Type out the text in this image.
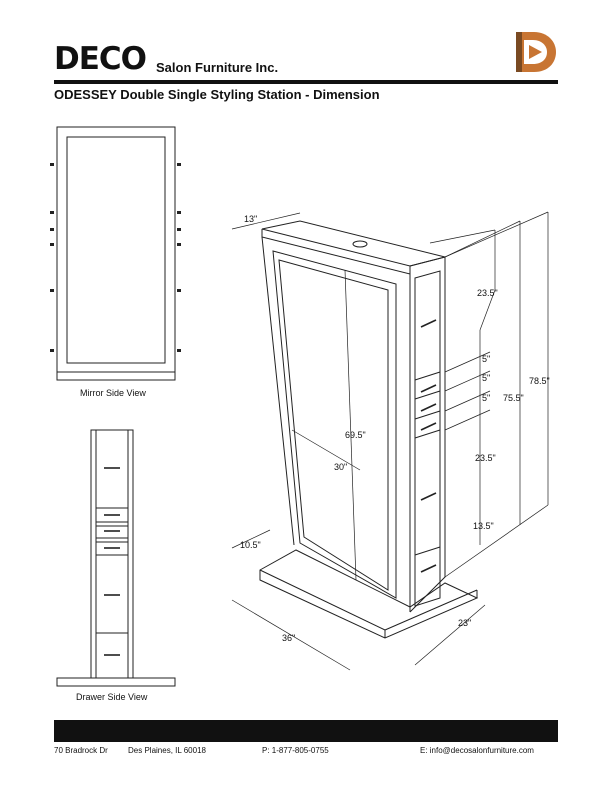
DECO Salon Furniture Inc.
ODESSEY Double Single Styling Station - Dimension
13"
23.5"
5"
5"
5"
23.5"
13.5"
75.5"
78.5"
69.5"
30"
10.5"
36"
23"
Mirror Side View
Drawer Side View
70 Bradrock Dr	Des Plaines, IL 60018	P: 1-877-805-0755	E: info@decosalonfurniture.com
